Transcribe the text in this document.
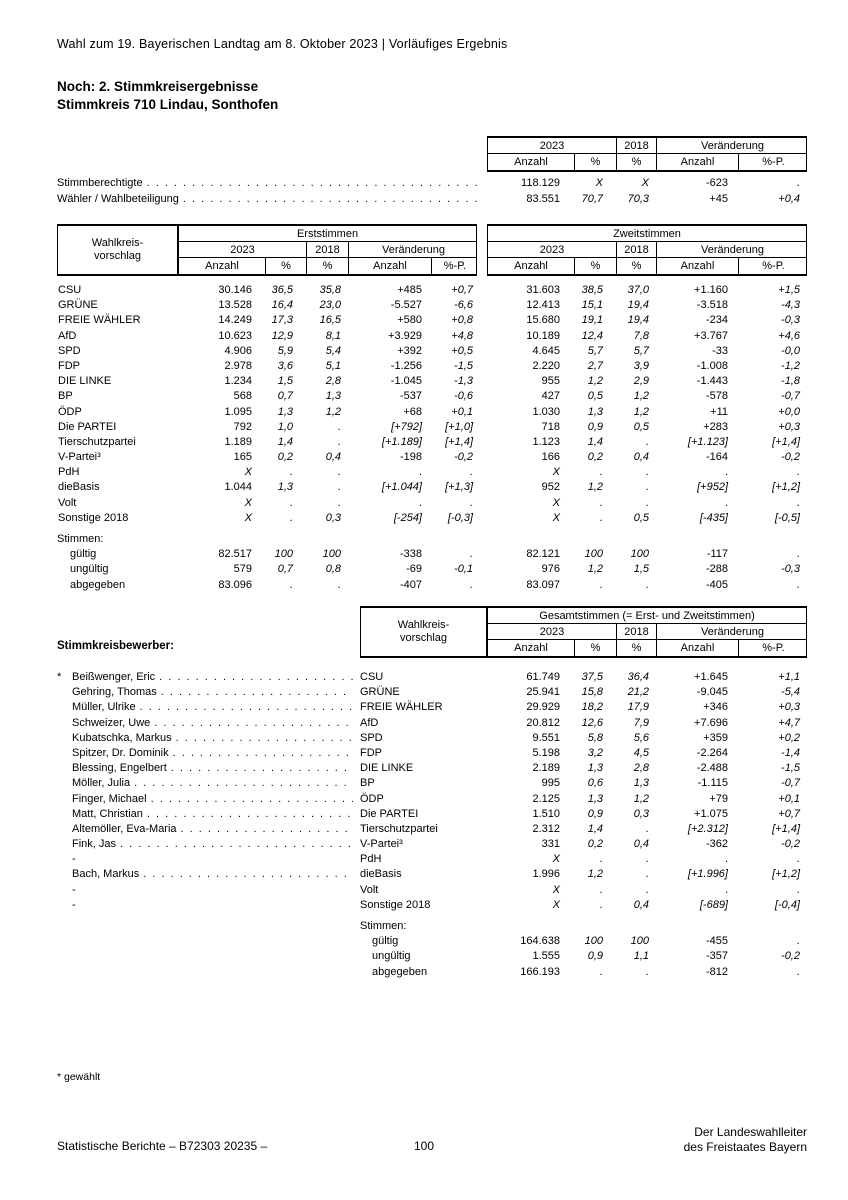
Wahl zum 19. Bayerischen Landtag am 8. Oktober 2023 | Vorläufiges Ergebnis
Noch: 2. Stimmkreisergebnisse
Stimmkreis 710 Lindau, Sonthofen
2023	2018	Veränderung
Anzahl	%	%	Anzahl	%-P.
Stimmberechtigte . . .	118.129	X	X	-623	.
Wähler / Wahlbeteiligung . . .	83.551	70,7	70,3	+45	+0,4
Wahlkreis-
vorschlag
Erststimmen
2023	2018	Veränderung
Anzahl	%	%	Anzahl	%-P.
Zweitstimmen
2023	2018	Veränderung
Anzahl	%	%	Anzahl	%-P.
CSU	30.146	36,5	35,8	+485	+0,7	31.603	38,5	37,0	+1.160	+1,5
GRÜNE	13.528	16,4	23,0	-5.527	-6,6	12.413	15,1	19,4	-3.518	-4,3
FREIE WÄHLER	14.249	17,3	16,5	+580	+0,8	15.680	19,1	19,4	-234	-0,3
AfD	10.623	12,9	8,1	+3.929	+4,8	10.189	12,4	7,8	+3.767	+4,6
SPD	4.906	5,9	5,4	+392	+0,5	4.645	5,7	5,7	-33	-0,0
FDP	2.978	3,6	5,1	-1.256	-1,5	2.220	2,7	3,9	-1.008	-1,2
DIE LINKE	1.234	1,5	2,8	-1.045	-1,3	955	1,2	2,9	-1.443	-1,8
BP	568	0,7	1,3	-537	-0,6	427	0,5	1,2	-578	-0,7
ÖDP	1.095	1,3	1,2	+68	+0,1	1.030	1,3	1,2	+11	+0,0
Die PARTEI	792	1,0	.	[+792]	[+1,0]	718	0,9	0,5	+283	+0,3
Tierschutzpartei	1.189	1,4	.	[+1.189]	[+1,4]	1.123	1,4	.	[+1.123]	[+1,4]
V-Partei³	165	0,2	0,4	-198	-0,2	166	0,2	0,4	-164	-0,2
PdH	X	.	.	.	.	X	.	.	.	.
dieBasis	1.044	1,3	.	[+1.044]	[+1,3]	952	1,2	.	[+952]	[+1,2]
Volt	X	.	.	.	.	X	.	.	.	.
Sonstige 2018	X	.	0,3	[-254]	[-0,3]	X	.	0,5	[-435]	[-0,5]
Stimmen:
gültig	82.517	100	100	-338	.	82.121	100	100	-117	.
ungültig	579	0,7	0,8	-69	-0,1	976	1,2	1,5	-288	-0,3
abgegeben	83.096	.	.	-407	.	83.097	.	.	-405	.
Stimmkreisbewerber:
Wahlkreis-
vorschlag
Gesamtstimmen (= Erst- und Zweitstimmen)
2023	2018	Veränderung
Anzahl	%	%	Anzahl	%-P.
* Beißwenger, Eric . . .	CSU	61.749	37,5	36,4	+1.645	+1,1
Gehring, Thomas . . .	GRÜNE	25.941	15,8	21,2	-9.045	-5,4
Müller, Ulrike . . .	FREIE WÄHLER	29.929	18,2	17,9	+346	+0,3
Schweizer, Uwe . . .	AfD	20.812	12,6	7,9	+7.696	+4,7
Kubatschka, Markus . . .	SPD	9.551	5,8	5,6	+359	+0,2
Spitzer, Dr. Dominik . . .	FDP	5.198	3,2	4,5	-2.264	-1,4
Blessing, Engelbert . . .	DIE LINKE	2.189	1,3	2,8	-2.488	-1,5
Möller, Julia . . .	BP	995	0,6	1,3	-1.115	-0,7
Finger, Michael . . .	ÖDP	2.125	1,3	1,2	+79	+0,1
Matt, Christian . . .	Die PARTEI	1.510	0,9	0,3	+1.075	+0,7
Altemöller, Eva-Maria . . .	Tierschutzpartei	2.312	1,4	.	[+2.312]	[+1,4]
Fink, Jas . . .	V-Partei³	331	0,2	0,4	-362	-0,2
-	PdH	X	.	.	.	.
Bach, Markus . . .	dieBasis	1.996	1,2	.	[+1.996]	[+1,2]
-	Volt	X	.	.	.	.
-	Sonstige 2018	X	.	0,4	[-689]	[-0,4]
Stimmen:
gültig	164.638	100	100	-455	.
ungültig	1.555	0,9	1,1	-357	-0,2
abgegeben	166.193	.	.	-812	.
* gewählt
Statistische Berichte – B72303 20235 –	100
Der Landeswahlleiter
des Freistaates Bayern
